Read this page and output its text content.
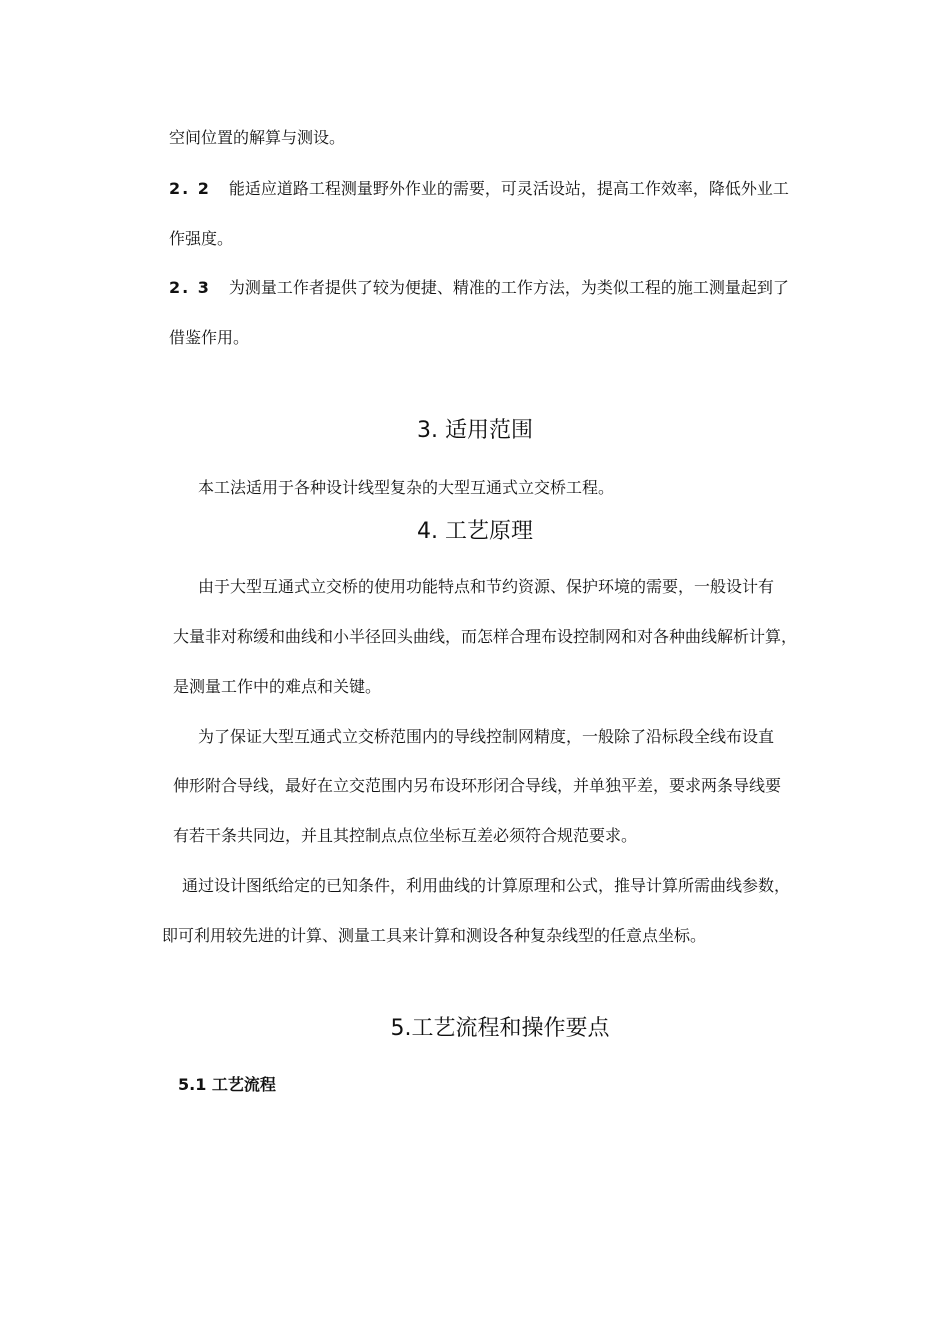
空间位置的解算与测设。
2. 2 能适应道路工程测量野外作业的需要，可灵活设站，提高工作效率，降低外业工
作强度。
2. 3 为测量工作者提供了较为便捷、精准的工作方法，为类似工程的施工测量起到了
借鉴作用。
3. 适用范围
本工法适用于各种设计线型复杂的大型互通式立交桥工程。
4. 工艺原理
由于大型互通式立交桥的使用功能特点和节约资源、保护环境的需要，一般设计有
大量非对称缓和曲线和小半径回头曲线，而怎样合理布设控制网和对各种曲线解析计算，
是测量工作中的难点和关键。
为了保证大型互通式立交桥范围内的导线控制网精度，一般除了沿标段全线布设直
伸形附合导线，最好在立交范围内另布设环形闭合导线，并单独平差，要求两条导线要
有若干条共同边，并且其控制点点位坐标互差必须符合规范要求。
通过设计图纸给定的已知条件，利用曲线的计算原理和公式，推导计算所需曲线参数，
即可利用较先进的计算、测量工具来计算和测设各种复杂线型的任意点坐标。
5.工艺流程和操作要点
5.1 工艺流程
